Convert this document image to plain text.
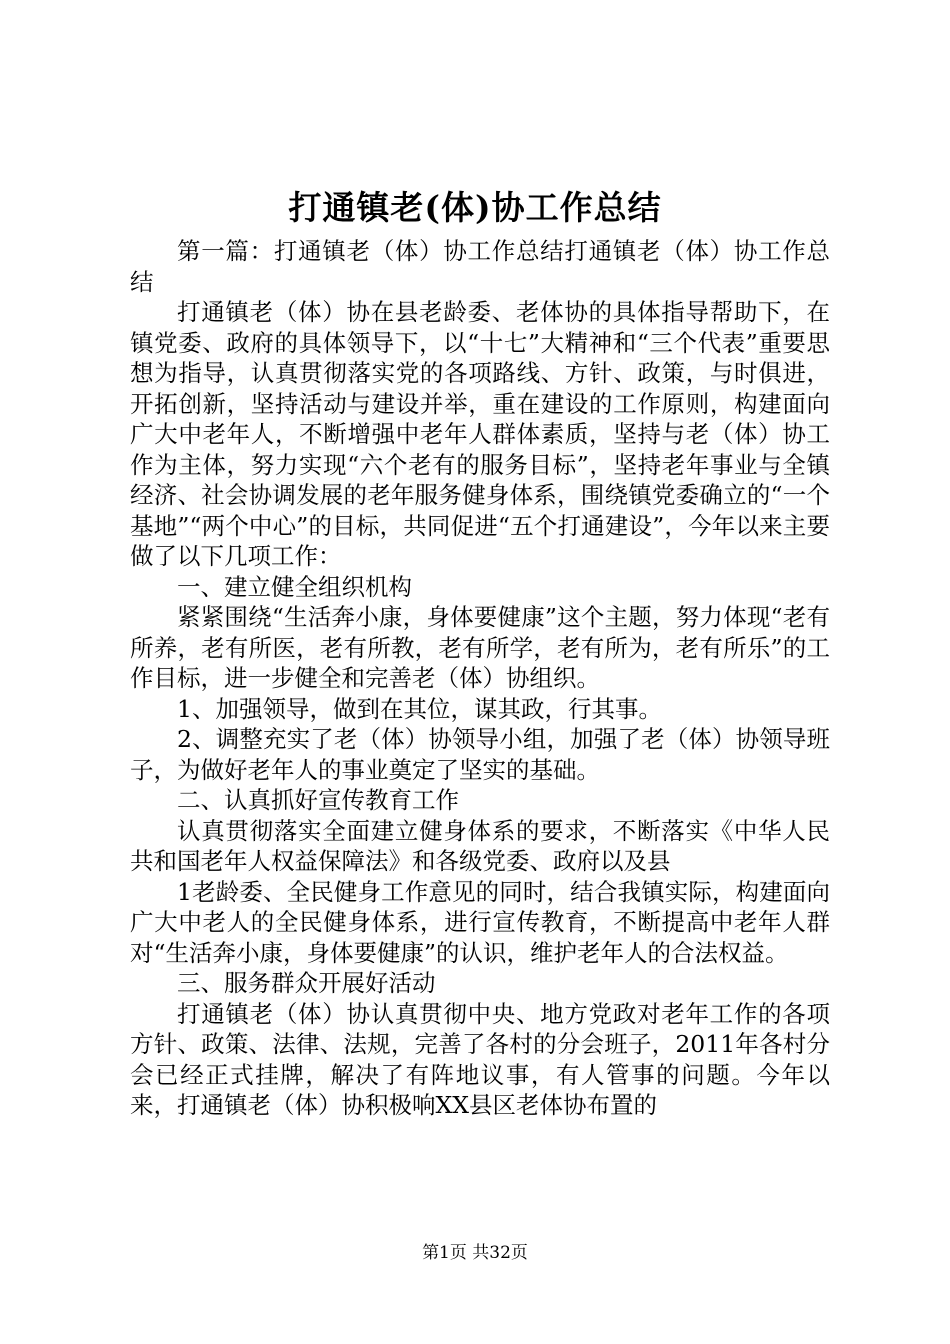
打通镇老(体)协工作总结

第一篇：打通镇老（体）协工作总结打通镇老（体）协工作总结

打通镇老（体）协在县老龄委、老体协的具体指导帮助下，在镇党委、政府的具体领导下，以“十七”大精神和“三个代表”重要思想为指导，认真贯彻落实党的各项路线、方针、政策，与时俱进，开拓创新，坚持活动与建设并举，重在建设的工作原则，构建面向广大中老年人，不断增强中老年人群体素质，坚持与老（体）协工作为主体，努力实现“六个老有的服务目标”，坚持老年事业与全镇经济、社会协调发展的老年服务健身体系，围绕镇党委确立的“一个基地”“两个中心”的目标，共同促进“五个打通建设”，今年以来主要做了以下几项工作：

一、建立健全组织机构

紧紧围绕“生活奔小康，身体要健康”这个主题，努力体现“老有所养，老有所医，老有所教，老有所学，老有所为，老有所乐”的工作目标，进一步健全和完善老（体）协组织。

1、加强领导，做到在其位，谋其政，行其事。

2、调整充实了老（体）协领导小组，加强了老（体）协领导班子，为做好老年人的事业奠定了坚实的基础。

二、认真抓好宣传教育工作

认真贯彻落实全面建立健身体系的要求，不断落实《中华人民共和国老年人权益保障法》和各级党委、政府以及县

1老龄委、全民健身工作意见的同时，结合我镇实际，构建面向广大中老人的全民健身体系，进行宣传教育，不断提高中老年人群对“生活奔小康，身体要健康”的认识，维护老年人的合法权益。

三、服务群众开展好活动

打通镇老（体）协认真贯彻中央、地方党政对老年工作的各项方针、政策、法律、法规，完善了各村的分会班子，2011年各村分会已经正式挂牌，解决了有阵地议事，有人管事的问题。今年以来，打通镇老（体）协积极响XX县区老体协布置的

第1页 共32页
